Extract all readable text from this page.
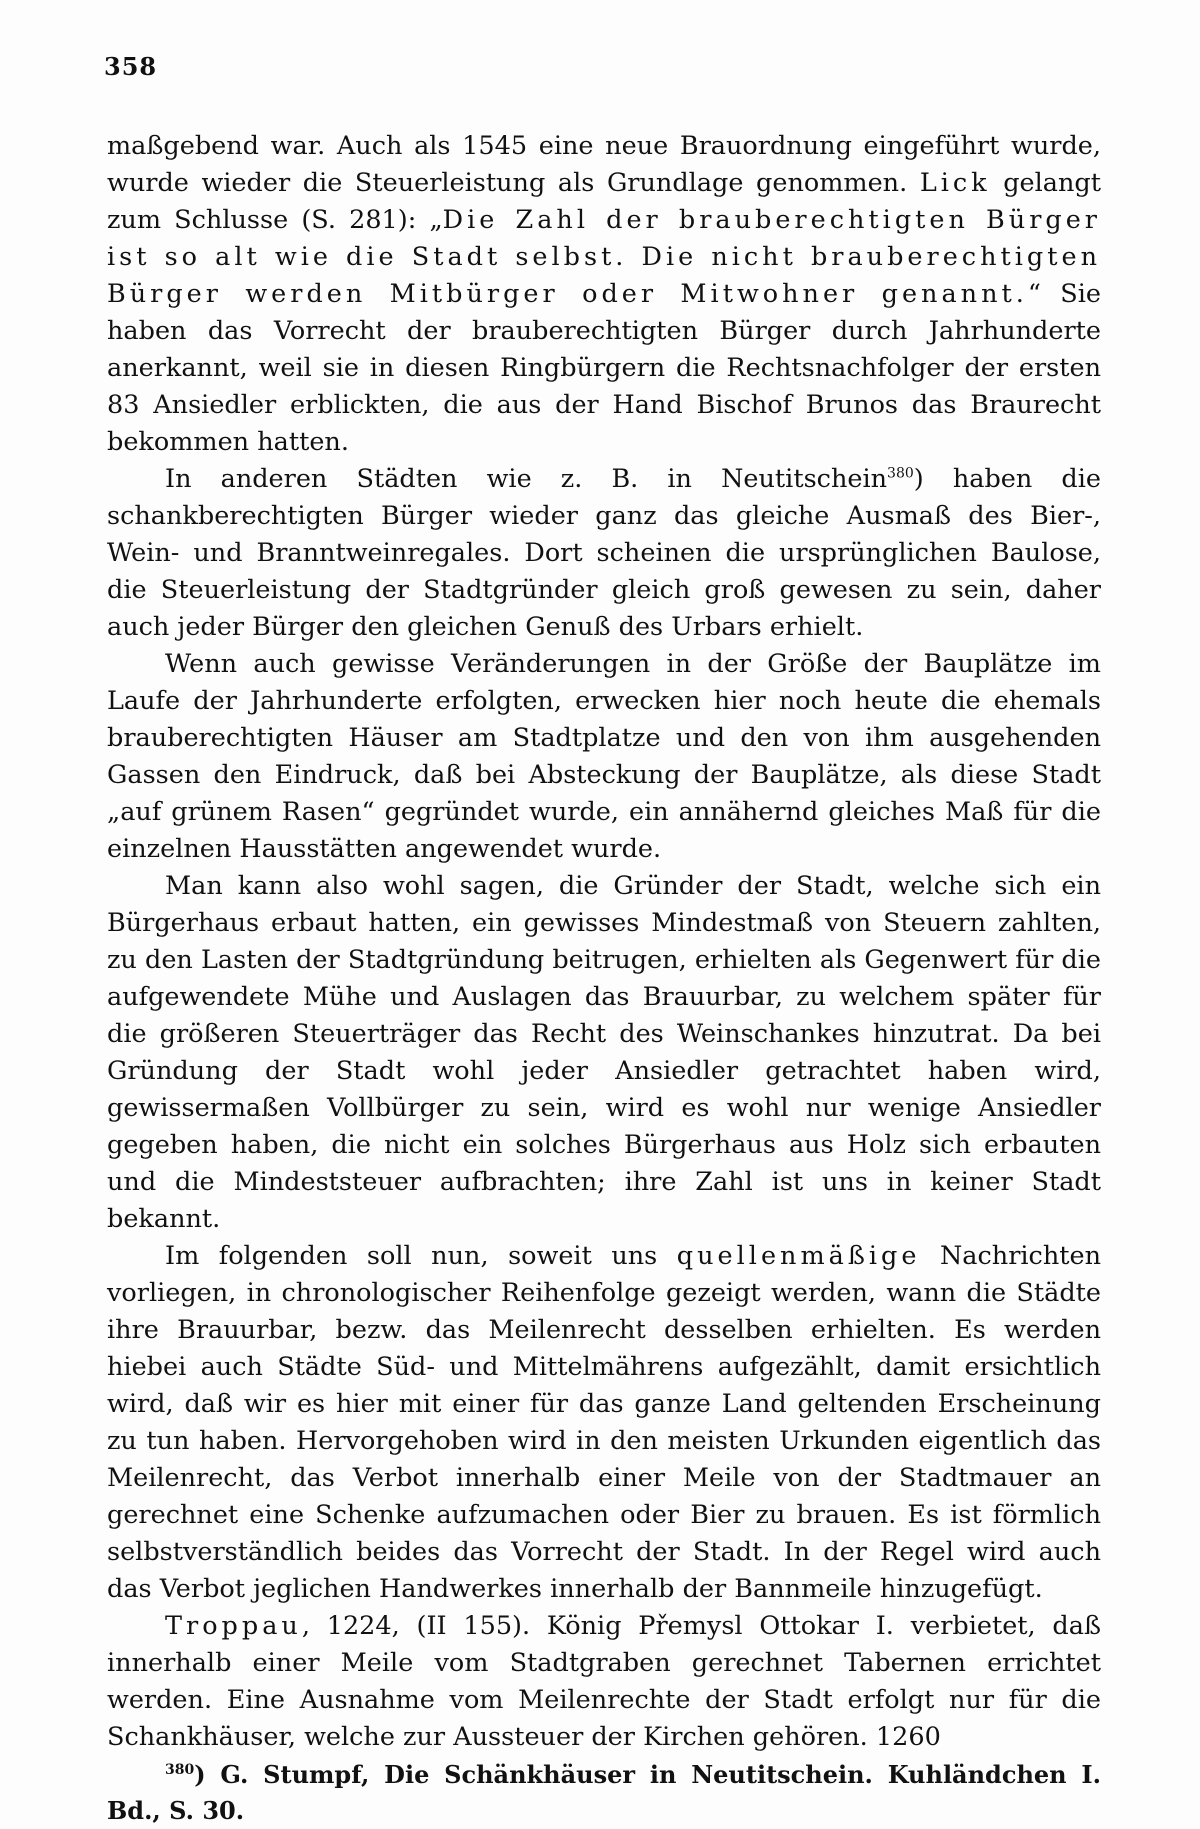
358

maßgebend war. Auch als 1545 eine neue Brauordnung eingeführt wurde, wurde wieder die Steuerleistung als Grundlage genommen. Lick gelangt zum Schlusse (S. 281): „Die Zahl der brauberechtigten Bürger ist so alt wie die Stadt selbst. Die nicht brauberechtigten Bürger werden Mitbürger oder Mitwohner genannt.“ Sie haben das Vorrecht der brauberechtigten Bürger durch Jahrhunderte anerkannt, weil sie in diesen Ringbürgern die Rechtsnachfolger der ersten 83 Ansiedler erblickten, die aus der Hand Bischof Brunos das Braurecht bekommen hatten.

In anderen Städten wie z. B. in Neutitschein$^{380}$) haben die schankberechtigten Bürger wieder ganz das gleiche Ausmaß des Bier-, Wein- und Branntweinregales. Dort scheinen die ursprünglichen Baulose, die Steuerleistung der Stadtgründer gleich groß gewesen zu sein, daher auch jeder Bürger den gleichen Genuß des Urbars erhielt.

Wenn auch gewisse Veränderungen in der Größe der Bauplätze im Laufe der Jahrhunderte erfolgten, erwecken hier noch heute die ehemals brauberechtigten Häuser am Stadtplatze und den von ihm ausgehenden Gassen den Eindruck, daß bei Absteckung der Bauplätze, als diese Stadt „auf grünem Rasen“ gegründet wurde, ein annähernd gleiches Maß für die einzelnen Hausstätten angewendet wurde.

Man kann also wohl sagen, die Gründer der Stadt, welche sich ein Bürgerhaus erbaut hatten, ein gewisses Mindestmaß von Steuern zahlten, zu den Lasten der Stadtgründung beitrugen, erhielten als Gegenwert für die aufgewendete Mühe und Auslagen das Brauurbar, zu welchem später für die größeren Steuerträger das Recht des Weinschankes hinzutrat. Da bei Gründung der Stadt wohl jeder Ansiedler getrachtet haben wird, gewissermaßen Vollbürger zu sein, wird es wohl nur wenige Ansiedler gegeben haben, die nicht ein solches Bürgerhaus aus Holz sich erbauten und die Mindeststeuer aufbrachten; ihre Zahl ist uns in keiner Stadt bekannt.

Im folgenden soll nun, soweit uns quellenmäßige Nachrichten vorliegen, in chronologischer Reihenfolge gezeigt werden, wann die Städte ihre Brauurbar, bezw. das Meilenrecht desselben erhielten. Es werden hiebei auch Städte Süd- und Mittelmährens aufgezählt, damit ersichtlich wird, daß wir es hier mit einer für das ganze Land geltenden Erscheinung zu tun haben. Hervorgehoben wird in den meisten Urkunden eigentlich das Meilenrecht, das Verbot innerhalb einer Meile von der Stadtmauer an gerechnet eine Schenke aufzumachen oder Bier zu brauen. Es ist förmlich selbstverständlich beides das Vorrecht der Stadt. In der Regel wird auch das Verbot jeglichen Handwerkes innerhalb der Bannmeile hinzugefügt.

Troppau, 1224, (II 155). König Přemysl Ottokar I. verbietet, daß innerhalb einer Meile vom Stadtgraben gerechnet Tabernen errichtet werden. Eine Ausnahme vom Meilenrechte der Stadt erfolgt nur für die Schankhäuser, welche zur Aussteuer der Kirchen gehören. 1260

$^{380}$) G. Stumpf, Die Schänkhäuser in Neutitschein. Kuhländchen I. Bd., S. 30.
